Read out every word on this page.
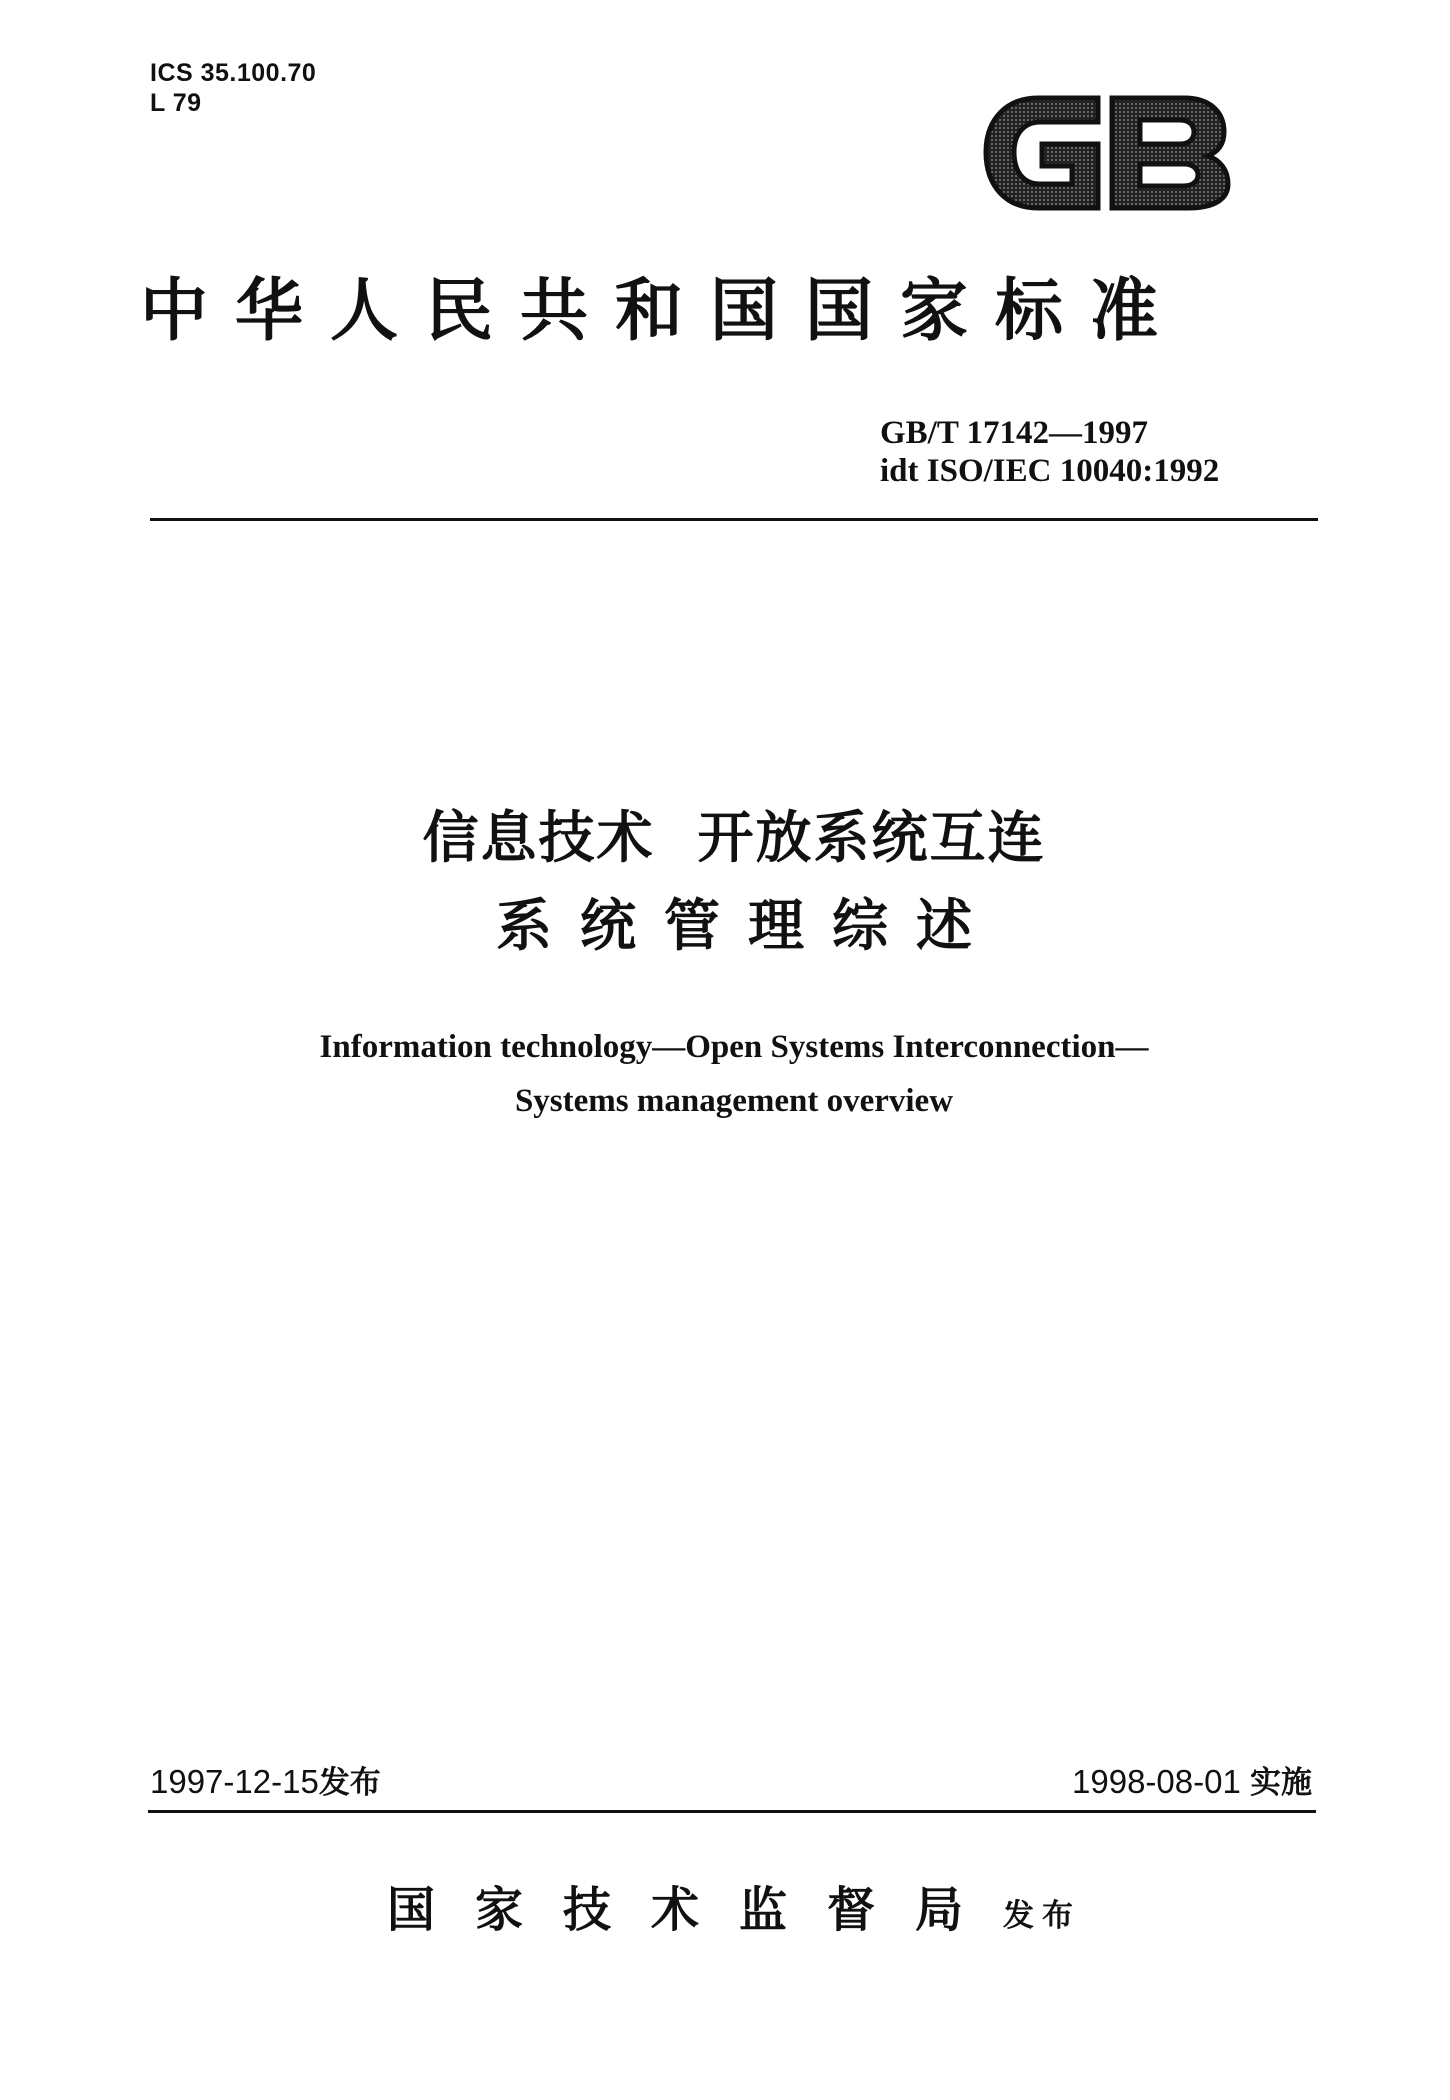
ICS 35.100.70
L 79
中华人民共和国国家标准
GB/T 17142—1997
idt ISO/IEC 10040:1992
信息技术  开放系统互连
系统管理综述
Information technology—Open Systems Interconnection—
Systems management overview
1997-12-15发布	1998-08-01 实施
国家技术监督局发布
